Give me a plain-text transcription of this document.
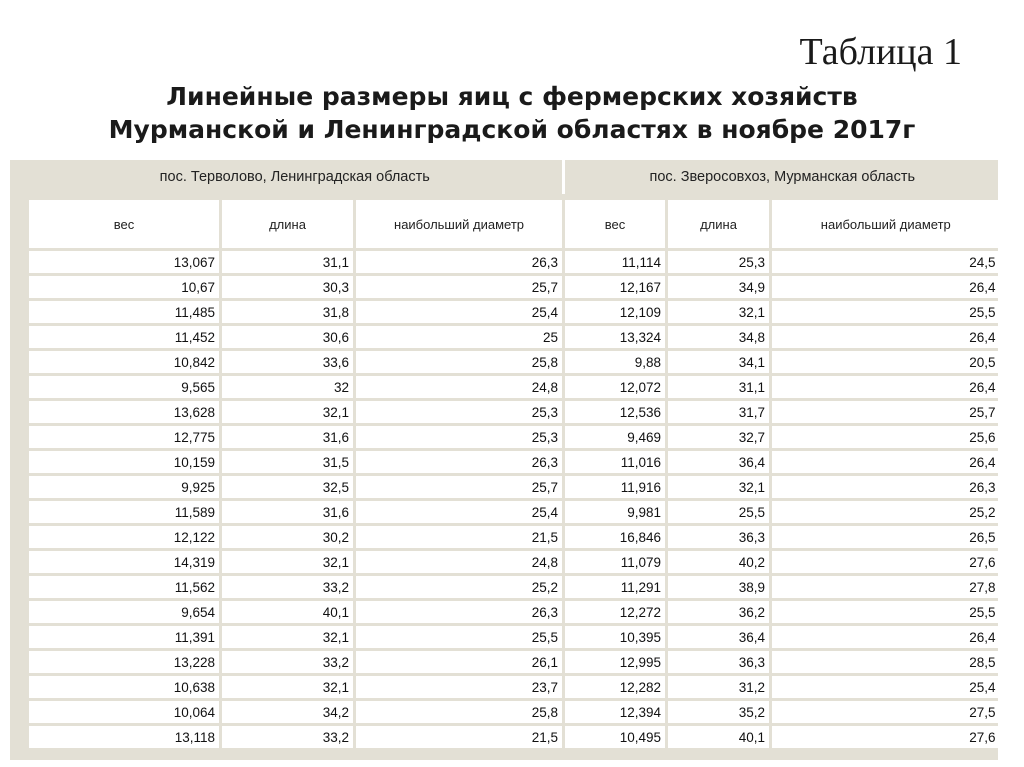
Таблица 1
Линейные размеры яиц с фермерских хозяйств
Мурманской и Ленинградской областях в ноябре 2017г
пос. Терволово, Ленинградская область			пос. Зверосовхоз, Мурманская область		

вес	длина	наибольший диаметр	вес	длина	наибольший диаметр
13,067	31,1	26,3	11,114	25,3	24,5
10,67	30,3	25,7	12,167	34,9	26,4
11,485	31,8	25,4	12,109	32,1	25,5
11,452	30,6	25	13,324	34,8	26,4
10,842	33,6	25,8	9,88	34,1	20,5
9,565	32	24,8	12,072	31,1	26,4
13,628	32,1	25,3	12,536	31,7	25,7
12,775	31,6	25,3	9,469	32,7	25,6
10,159	31,5	26,3	11,016	36,4	26,4
9,925	32,5	25,7	11,916	32,1	26,3
11,589	31,6	25,4	9,981	25,5	25,2
12,122	30,2	21,5	16,846	36,3	26,5
14,319	32,1	24,8	11,079	40,2	27,6
11,562	33,2	25,2	11,291	38,9	27,8
9,654	40,1	26,3	12,272	36,2	25,5
11,391	32,1	25,5	10,395	36,4	26,4
13,228	33,2	26,1	12,995	36,3	28,5
10,638	32,1	23,7	12,282	31,2	25,4
10,064	34,2	25,8	12,394	35,2	27,5
13,118	33,2	21,5	10,495	40,1	27,6
